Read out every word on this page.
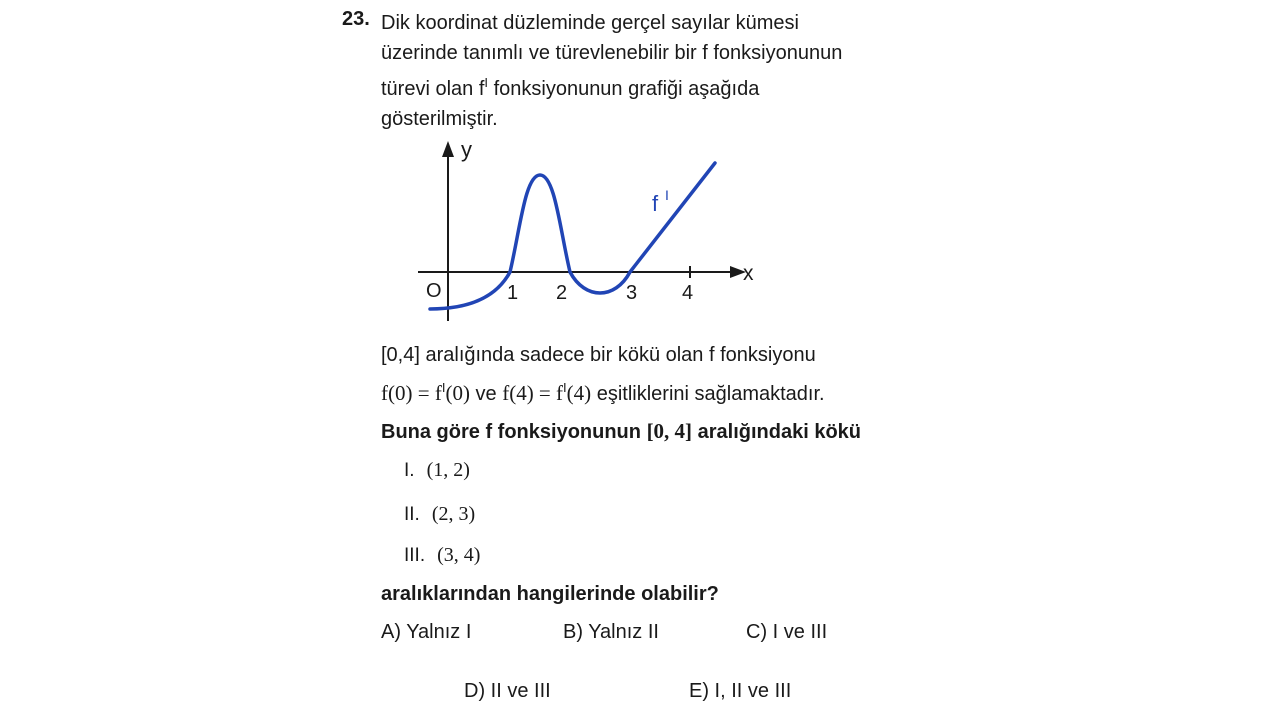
23. Dik koordinat düzleminde gerçel sayılar kümesi
üzerinde tanımlı ve türevlenebilir bir f fonksiyonunun
türevi olan $f^I$ fonksiyonunun grafiği aşağıda
gösterilmiştir.
y
x
O	1 2	3 4
f I
[0,4] aralığında sadece bir kökü olan f fonksiyonu
$f(0) = f^I(0)$ ve $f(4) = f^I(4)$ eşitliklerini sağlamaktadır.
Buna göre f fonksiyonunun [0, 4] aralığındaki kökü
I. (1, 2)
II. (2, 3)
III. (3, 4)
aralıklarından hangilerinde olabilir?
A) Yalnız I	B) Yalnız II	C) I ve III
D) II ve III	E) I, II ve III
